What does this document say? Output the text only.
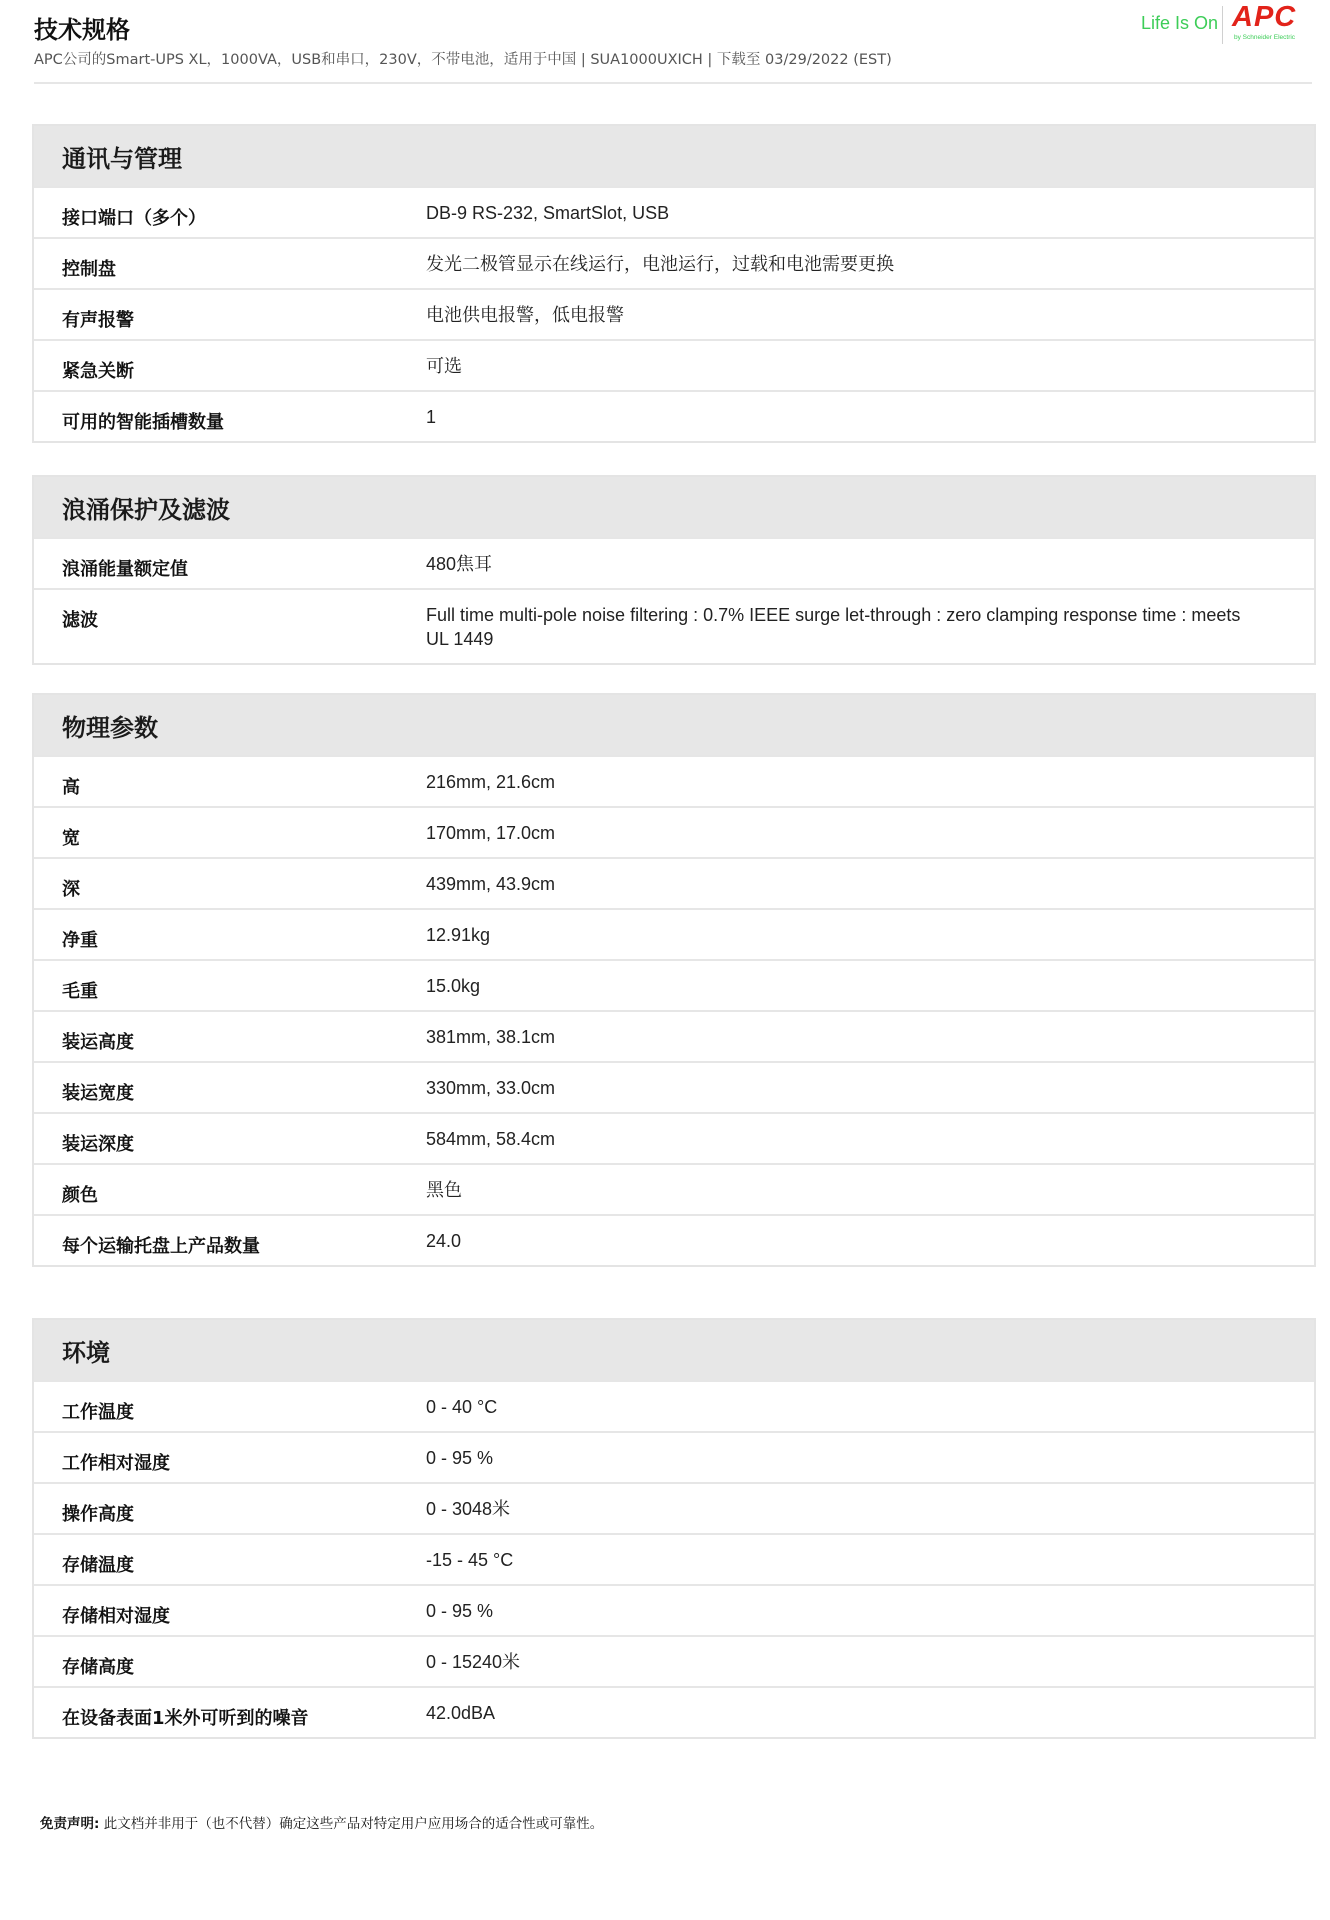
技术规格
APC公司的Smart-UPS XL，1000VA，USB和串口，230V，不带电池，适用于中国 | SUA1000UXICH | 下载至 03/29/2022 (EST)
Life Is On APC
by Schneider Electric
通讯与管理
接口端口（多个）	DB-9 RS-232, SmartSlot, USB
控制盘	发光二极管显示在线运行，电池运行，过载和电池需要更换
有声报警	电池供电报警，低电报警
紧急关断	可选
可用的智能插槽数量	1
浪涌保护及滤波
浪涌能量额定值	480焦耳
滤波	Full time multi-pole noise filtering : 0.7% IEEE surge let-through : zero clamping response time : meets UL 1449
物理参数
高	216mm, 21.6cm
宽	170mm, 17.0cm
深	439mm, 43.9cm
净重	12.91kg
毛重	15.0kg
装运高度	381mm, 38.1cm
装运宽度	330mm, 33.0cm
装运深度	584mm, 58.4cm
颜色	黑色
每个运输托盘上产品数量	24.0
环境
工作温度	0 - 40 °C
工作相对湿度	0 - 95 %
操作高度	0 - 3048米
存储温度	-15 - 45 °C
存储相对湿度	0 - 95 %
存储高度	0 - 15240米
在设备表面1米外可听到的噪音	42.0dBA
免责声明: 此文档并非用于（也不代替）确定这些产品对特定用户应用场合的适合性或可靠性。
